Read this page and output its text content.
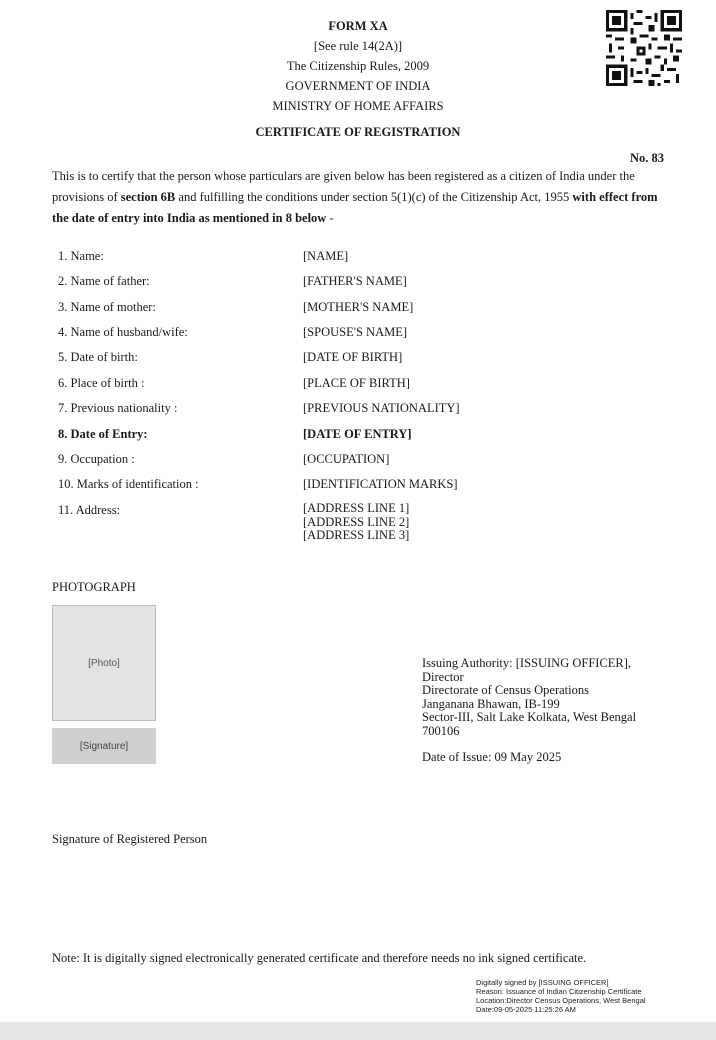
FORM XA
[See rule 14(2A)]
The Citizenship Rules, 2009
GOVERNMENT OF INDIA
MINISTRY OF HOME AFFAIRS
CERTIFICATE OF REGISTRATION
No. 83
This is to certify that the person whose particulars are given below has been registered as a citizen of India under the provisions of section 6B and fulfilling the conditions under section 5(1)(c) of the Citizenship Act, 1955 with effect from the date of entry into India as mentioned in 8 below -
1. Name:	[NAME]
2. Name of father:	[FATHER'S NAME]
3. Name of mother:	[MOTHER'S NAME]
4. Name of husband/wife:	[SPOUSE'S NAME]
5. Date of birth:	[DATE OF BIRTH]
6. Place of birth :	[PLACE OF BIRTH]
7. Previous nationality :	[PREVIOUS NATIONALITY]
8. Date of Entry:	[DATE OF ENTRY]
9. Occupation :	[OCCUPATION]
10. Marks of identification :	[IDENTIFICATION MARKS]
11. Address:	[ADDRESS LINE 1]
[ADDRESS LINE 2]
[ADDRESS LINE 3]
PHOTOGRAPH
[Photo]
[Signature]
Issuing Authority: [ISSUING OFFICER],
Director
Directorate of Census Operations
Janganana Bhawan, IB-199
Sector-III, Salt Lake Kolkata, West Bengal
700106
Date of Issue: 09 May 2025
Signature of Registered Person
Note: It is digitally signed electronically generated certificate and therefore needs no ink signed certificate.
Digitally signed by [ISSUING OFFICER]
Reason: Issuance of Indian Citizenship Certificate
Location:Director Census Operations, West Bengal
Date:09-05-2025 11:25:26 AM
